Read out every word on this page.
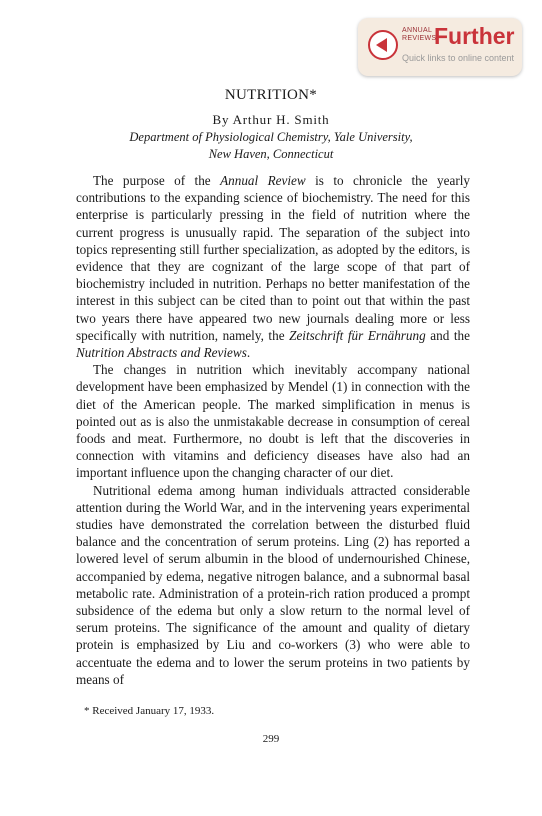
ANNUAL
REVIEWS
Further
Quick links to online content
NUTRITION*
By Arthur H. Smith
Department of Physiological Chemistry, Yale University,
New Haven, Connecticut

The purpose of the Annual Review is to chronicle the yearly contributions to the expanding science of biochemistry. The need for this enterprise is particularly pressing in the field of nutrition where the current progress is unusually rapid. The separation of the subject into topics representing still further specialization, as adopted by the editors, is evidence that they are cognizant of the large scope of that part of biochemistry included in nutrition. Perhaps no better manifestation of the interest in this subject can be cited than to point out that within the past two years there have appeared two new journals dealing more or less specifically with nutrition, namely, the Zeitschrift für Ernährung and the Nutrition Abstracts and Reviews.

The changes in nutrition which inevitably accompany national development have been emphasized by Mendel (1) in connection with the diet of the American people. The marked simplification in menus is pointed out as is also the unmistakable decrease in consumption of cereal foods and meat. Furthermore, no doubt is left that the discoveries in connection with vitamins and deficiency diseases have also had an important influence upon the changing character of our diet.

Nutritional edema among human individuals attracted considerable attention during the World War, and in the intervening years experimental studies have demonstrated the correlation between the disturbed fluid balance and the concentration of serum proteins. Ling (2) has reported a lowered level of serum albumin in the blood of undernourished Chinese, accompanied by edema, negative nitrogen balance, and a subnormal basal metabolic rate. Administration of a protein-rich ration produced a prompt subsidence of the edema but only a slow return to the normal level of serum proteins. The significance of the amount and quality of dietary protein is emphasized by Liu and co-workers (3) who were able to accentuate the edema and to lower the serum proteins in two patients by means of

* Received January 17, 1933.
299
